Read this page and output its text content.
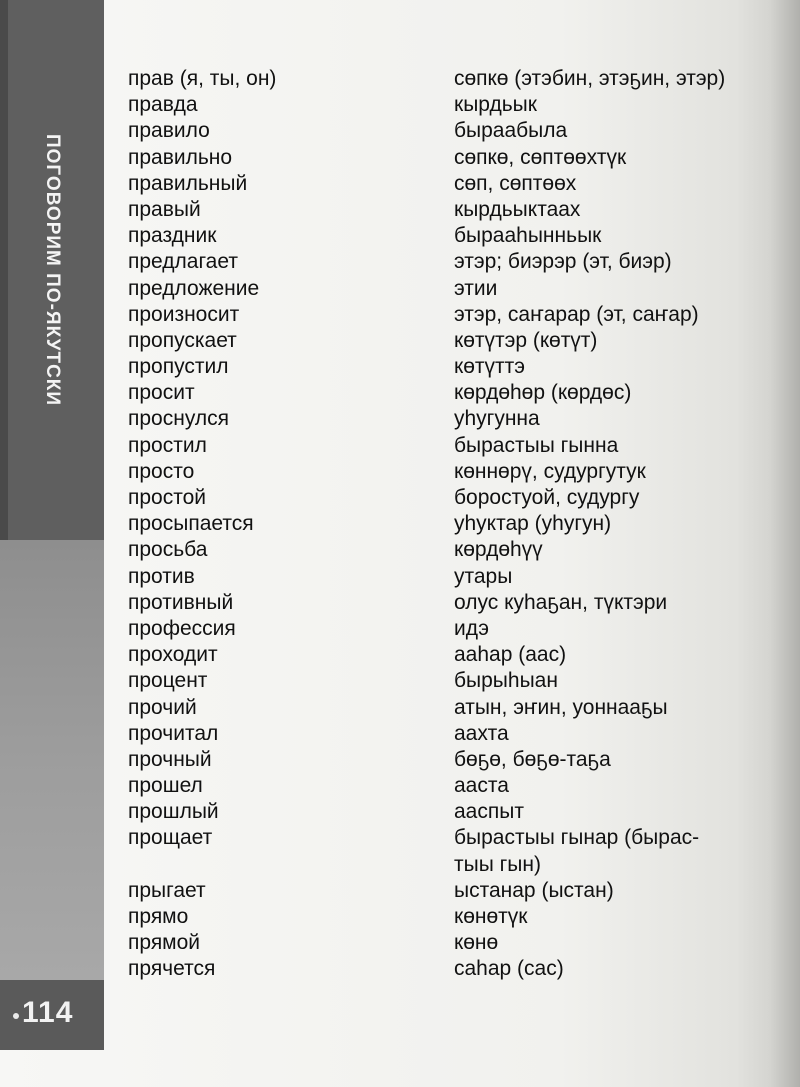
ПОГОВОРИМ ПО-ЯКУТСКИ
114
прав (я, ты, он)	сөпкө (этэбин, этэҕин, этэр)
правда	кырдьык
правило	быраабыла
правильно	сөпкө, сөптөөхтүк
правильный	сөп, сөптөөх
правый	кырдьыктаах
праздник	бырааһынньык
предлагает	этэр; биэрэр (эт, биэр)
предложение	этии
произносит	этэр, саҥарар (эт, саҥар)
пропускает	көтүтэр (көтүт)
пропустил	көтүттэ
просит	көрдөһөр (көрдөс)
проснулся	уһугунна
простил	бырастыы гынна
просто	көннөрү, судургутук
простой	боростуой, судургу
просыпается	уһуктар (уһугун)
просьба	көрдөһүү
против	утары
противный	олус куһаҕан, түктэри
профессия	идэ
проходит	ааһар (аас)
процент	бырыhыан
прочий	атын, эҥин, уоннааҕы
прочитал	аахта
прочный	бөҕө, бөҕө-таҕа
прошел	ааста
прошлый	ааспыт
прощает	бырастыы гынар (быраc-
тыы гын)
прыгает	ыстанар (ыстан)
прямо	көнөтүк
прямой	көнө
прячется	саһар (сас)
